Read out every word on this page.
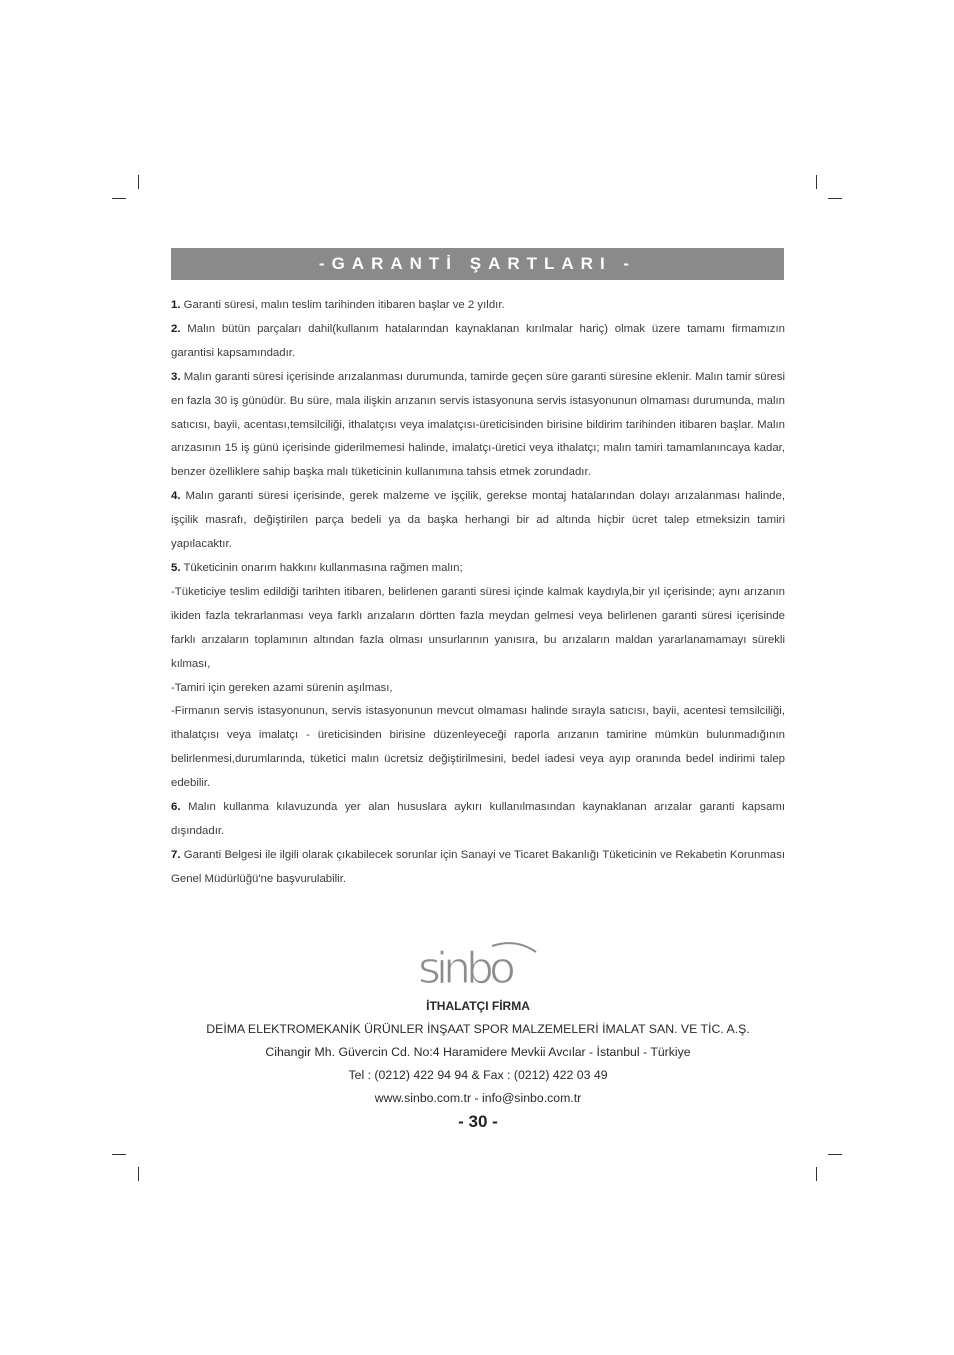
-GARANTİ ŞARTLARI -

1. Garanti süresi, malın teslim tarihinden itibaren başlar ve 2 yıldır.

2. Malın bütün parçaları dahil(kullanım hatalarından kaynaklanan kırılmalar hariç) olmak üzere tamamı firmamızın garantisi kapsamındadır.

3. Malın garanti süresi içerisinde arızalanması durumunda, tamirde geçen süre garanti süresine eklenir. Malın tamir süresi en fazla 30 iş günüdür. Bu süre, mala ilişkin arızanın servis istasyonuna servis istasyonunun olmaması durumunda, malın satıcısı, bayii, acentası,temsilciliği, ithalatçısı veya imalatçısı-üreticisinden birisine bildirim tarihinden itibaren başlar. Malın arızasının 15 iş günü içerisinde giderilmemesi halinde, imalatçı-üretici veya ithalatçı; malın tamiri tamamlanıncaya kadar, benzer özelliklere sahip başka malı tüketicinin kullanımına tahsis etmek zorundadır.

4. Malın garanti süresi içerisinde, gerek malzeme ve işçilik, gerekse montaj hatalarından dolayı arızalanması halinde, işçilik masrafı, değiştirilen parça bedeli ya da başka herhangi bir ad altında hiçbir ücret talep etmeksizin tamiri yapılacaktır.

5. Tüketicinin onarım hakkını kullanmasına rağmen malın;

-Tüketiciye teslim edildiği tarihten itibaren, belirlenen garanti süresi içinde kalmak kaydıyla,bir yıl içerisinde; aynı arızanın ikiden fazla tekrarlanması veya farklı arızaların dörtten fazla meydan gelmesi veya belirlenen garanti süresi içerisinde farklı arızaların toplamının altından fazla olması unsurlarının yanısıra, bu arızaların maldan yararlanamamayı sürekli kılması,

-Tamiri için gereken azami sürenin aşılması,

-Firmanın servis istasyonunun, servis istasyonunun mevcut olmaması halinde sırayla satıcısı, bayii, acentesi temsilciliği, ithalatçısı veya imalatçı - üreticisinden birisine düzenleyeceği raporla arızanın tamirine mümkün bulunmadığının belirlenmesi,durumlarında, tüketici malın ücretsiz değiştirilmesini, bedel iadesi veya ayıp oranında bedel indirimi talep edebilir.

6. Malın kullanma kılavuzunda yer alan hususlara aykırı kullanılmasından kaynaklanan arızalar garanti kapsamı dışındadır.

7. Garanti Belgesi ile ilgili olarak çıkabilecek sorunlar için Sanayi ve Ticaret Bakanlığı Tüketicinin ve Rekabetin Korunması Genel Müdürlüğü'ne başvurulabilir.

sinbo
İTHALATÇI FİRMA
DEİMA ELEKTROMEKANİK ÜRÜNLER İNŞAAT SPOR MALZEMELERİ İMALAT SAN. VE TİC. A.Ş.
Cihangir Mh. Güvercin Cd. No:4 Haramidere Mevkii Avcılar - İstanbul - Türkiye
Tel : (0212) 422 94 94 & Fax : (0212) 422 03 49
www.sinbo.com.tr - info@sinbo.com.tr
- 30 -
